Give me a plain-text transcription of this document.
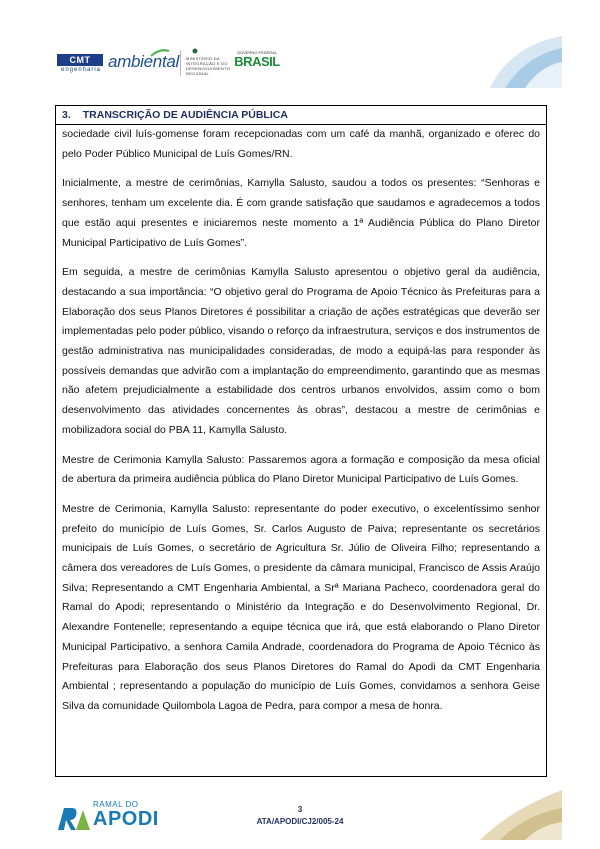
CMT
engenharia ambiental MINISTÉRIO DA
INTEGRAÇÃO E DO
DESENVOLVIMENTO
REGIONAL
GOVERNO FEDERAL
BRASIL
3. TRANSCRIÇÃO DE AUDIÊNCIA PÚBLICA

sociedade civil luís-gomense foram recepcionadas com um café da manhã, organizado e oferec do pelo Poder Público Municipal de Luís Gomes/RN.

Inicialmente, a mestre de cerimônias, Kamylla Salusto, saudou a todos os presentes: “Senhoras e senhores, tenham um excelente dia. É com grande satisfação que saudamos e agradecemos a todos que estão aqui presentes e iniciaremos neste momento a 1ª Audiência Pública do Plano Diretor Municipal Participativo de Luís Gomes”.

Em seguida, a mestre de cerimônias Kamylla Salusto apresentou o objetivo geral da audiência, destacando a sua importância: “O objetivo geral do Programa de Apoio Técnico às Prefeituras para a Elaboração dos seus Planos Diretores é possibilitar a criação de ações estratégicas que deverão ser implementadas pelo poder público, visando o reforço da infraestrutura, serviços e dos instrumentos de gestão administrativa nas municipalidades consideradas, de modo a equipá-las para responder às possíveis demandas que advirão com a implantação do empreendimento, garantindo que as mesmas não afetem prejudicialmente a estabilidade dos centros urbanos envolvidos, assim como o bom desenvolvimento das atividades concernentes às obras”, destacou a mestre de cerimônias e mobilizadora social do PBA 11, Kamylla Salusto.

Mestre de Cerimonia Kamylla Salusto: Passaremos agora a formação e composição da mesa oficial de abertura da primeira audiência pública do Plano Diretor Municipal Participativo de Luís Gomes.

Mestre de Cerimonia, Kamylla Salusto: representante do poder executivo, o excelentíssimo senhor prefeito do município de Luís Gomes, Sr. Carlos Augusto de Paiva; representante os secretários municipais de Luís Gomes, o secretário de Agricultura Sr. Júlio de Oliveira Filho; representando a câmera dos vereadores de Luís Gomes, o presidente da câmara municipal, Francisco de Assis Araújo Silva; Representando a CMT Engenharia Ambiental, a Srª Mariana Pacheco, coordenadora geral do Ramal do Apodi; representando o Ministério da Integração e do Desenvolvimento Regional, Dr. Alexandre Fontenelle; representando a equipe técnica que irá, que está elaborando o Plano Diretor Municipal Participativo, a senhora Camila Andrade, coordenadora do Programa de Apoio Técnico às Prefeituras para Elaboração dos seus Planos Diretores do Ramal do Apodi da CMT Engenharia Ambiental ; representando a população do município de Luís Gomes, convidamos a senhora Geise Silva da comunidade Quilombola Lagoa de Pedra, para compor a mesa de honra.

RAMAL DO
APODI	3
ATA/APODI/CJ2/005-24
